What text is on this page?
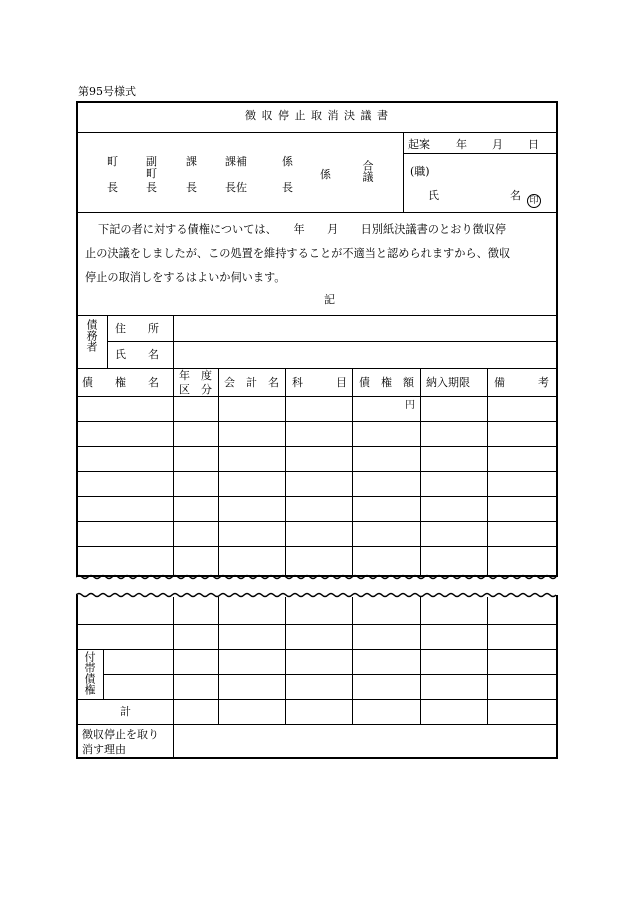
第95号様式
徴 収 停 止 取 消 決 議 書
町
長
副
町
長
課
長
課補
長佐
係
長
係	合議
起案 年 月 日
(職)
氏	名 印
下記の者に対する債権については、　　年　　月　　日別紙決議書のとおり徴収停
止の決議をしましたが、この処置を維持することが不適当と認められますから、徴収
停止の取消しをするはよいか伺います。
記
債務者 住　　所
氏　　名
債　　権　　名
年　度
区　分
会　計　名 科　　　目 債　権　額 納入期限 備　　　考
円
付帯債権
計
徴収停止を取り
消す理由
